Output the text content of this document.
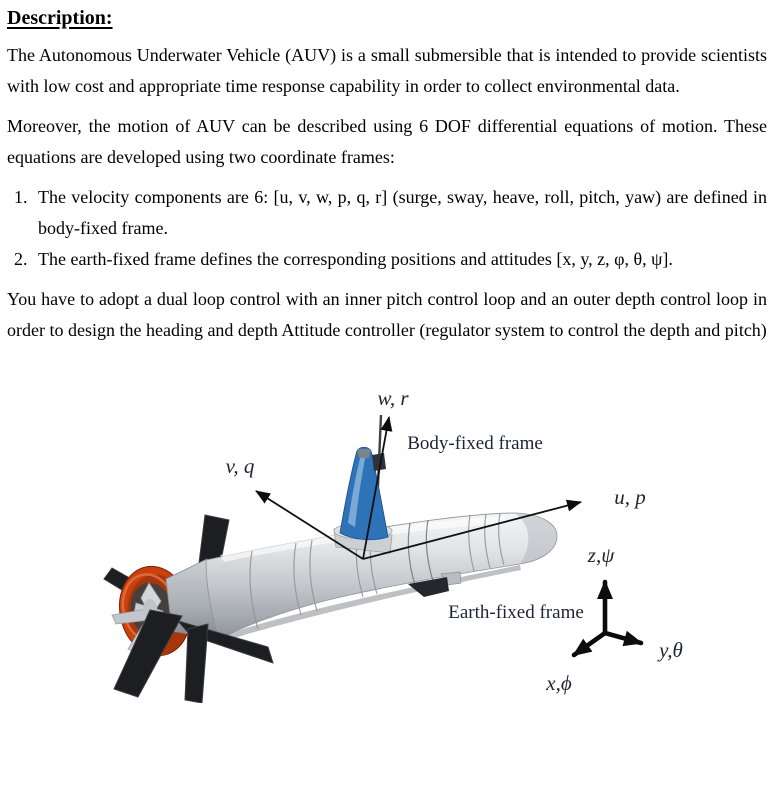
Description:

The Autonomous Underwater Vehicle (AUV) is a small submersible that is intended to provide scientists with low cost and appropriate time response capability in order to collect environmental data.

Moreover, the motion of AUV can be described using 6 DOF differential equations of motion. These equations are developed using two coordinate frames:

1. The velocity components are 6: [u, v, w, p, q, r] (surge, sway, heave, roll, pitch, yaw) are defined in body-fixed frame.
2. The earth-fixed frame defines the corresponding positions and attitudes [x, y, z, φ, θ, ψ].

You have to adopt a dual loop control with an inner pitch control loop and an outer depth control loop in order to design the heading and depth Attitude controller (regulator system to control the depth and pitch)

w, r
v, q
u, p
Body-fixed frame
z,ψ
y,θ
x,ϕ
Earth-fixed frame
